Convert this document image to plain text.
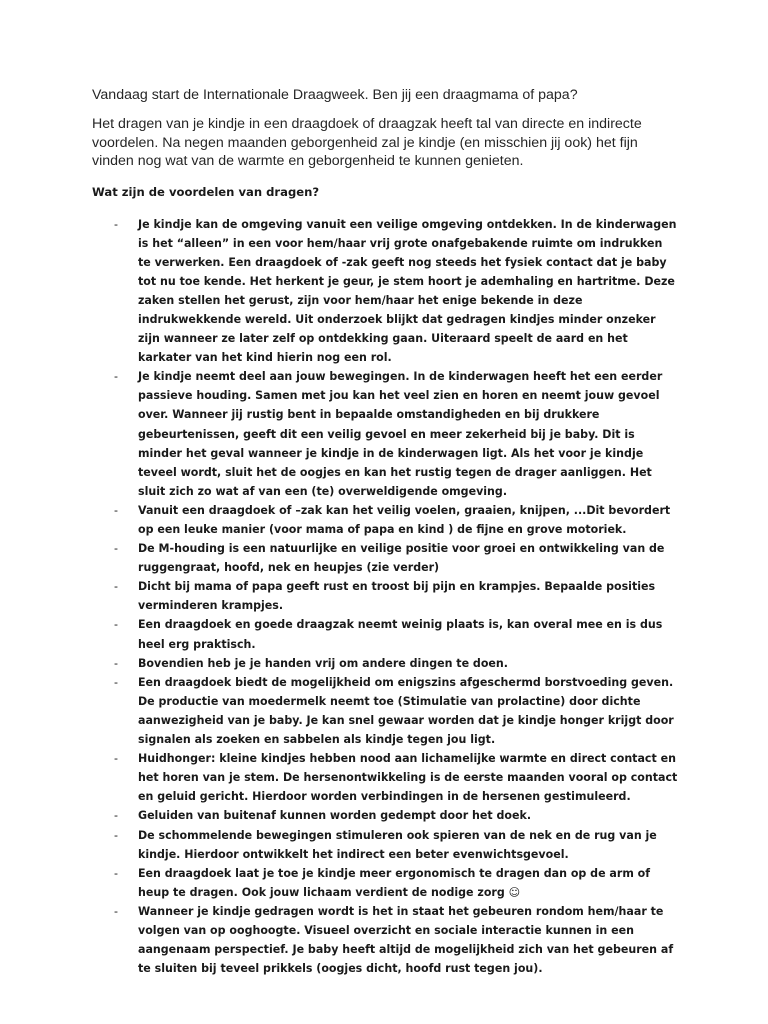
Vandaag start de Internationale Draagweek. Ben jij een draagmama of papa?

Het dragen van je kindje in een draagdoek of draagzak heeft tal van directe en indirecte voordelen. Na negen maanden geborgenheid zal je kindje (en misschien jij ook) het fijn vinden nog wat van de warmte en geborgenheid te kunnen genieten.

Wat zijn de voordelen van dragen?

- Je kindje kan de omgeving vanuit een veilige omgeving ontdekken. In de kinderwagen is het “alleen” in een voor hem/haar vrij grote onafgebakende ruimte om indrukken te verwerken. Een draagdoek of -zak geeft nog steeds het fysiek contact dat je baby tot nu toe kende. Het herkent je geur, je stem hoort je ademhaling en hartritme. Deze zaken stellen het gerust, zijn voor hem/haar het enige bekende in deze indrukwekkende wereld. Uit onderzoek blijkt dat gedragen kindjes minder onzeker zijn wanneer ze later zelf op ontdekking gaan. Uiteraard speelt de aard en het karkater van het kind hierin nog een rol.
- Je kindje neemt deel aan jouw bewegingen. In de kinderwagen heeft het een eerder passieve houding. Samen met jou kan het veel zien en horen en neemt jouw gevoel over. Wanneer jij rustig bent in bepaalde omstandigheden en bij drukkere gebeurtenissen, geeft dit een veilig gevoel en meer zekerheid bij je baby. Dit is minder het geval wanneer je kindje in de kinderwagen ligt. Als het voor je kindje teveel wordt, sluit het de oogjes en kan het rustig tegen de drager aanliggen. Het sluit zich zo wat af van een (te) overweldigende omgeving.
- Vanuit een draagdoek of –zak kan het veilig voelen, graaien, knijpen, ...Dit bevordert op een leuke manier (voor mama of papa en kind ) de fijne en grove motoriek.
- De M-houding is een natuurlijke en veilige positie voor groei en ontwikkeling van de ruggengraat, hoofd, nek en heupjes (zie verder)
- Dicht bij mama of papa geeft rust en troost bij pijn en krampjes. Bepaalde posities verminderen krampjes.
- Een draagdoek en goede draagzak neemt weinig plaats is, kan overal mee en is dus heel erg praktisch.
- Bovendien heb je je handen vrij om andere dingen te doen.
- Een draagdoek biedt de mogelijkheid om enigszins afgeschermd borstvoeding geven. De productie van moedermelk neemt toe (Stimulatie van prolactine) door dichte aanwezigheid van je baby. Je kan snel gewaar worden dat je kindje honger krijgt door signalen als zoeken en sabbelen als kindje tegen jou ligt.
- Huidhonger: kleine kindjes hebben nood aan lichamelijke warmte en direct contact en het horen van je stem. De hersenontwikkeling is de eerste maanden vooral op contact en geluid gericht. Hierdoor worden verbindingen in de hersenen gestimuleerd.
- Geluiden van buitenaf kunnen worden gedempt door het doek.
- De schommelende bewegingen stimuleren ook spieren van de nek en de rug van je kindje. Hierdoor ontwikkelt het indirect een beter evenwichtsgevoel.
- Een draagdoek laat je toe je kindje meer ergonomisch te dragen dan op de arm of heup te dragen. Ook jouw lichaam verdient de nodige zorg ☺
- Wanneer je kindje gedragen wordt is het in staat het gebeuren rondom hem/haar te volgen van op ooghoogte. Visueel overzicht en sociale interactie kunnen in een aangenaam perspectief. Je baby heeft altijd de mogelijkheid zich van het gebeuren af te sluiten bij teveel prikkels (oogjes dicht, hoofd rust tegen jou).
